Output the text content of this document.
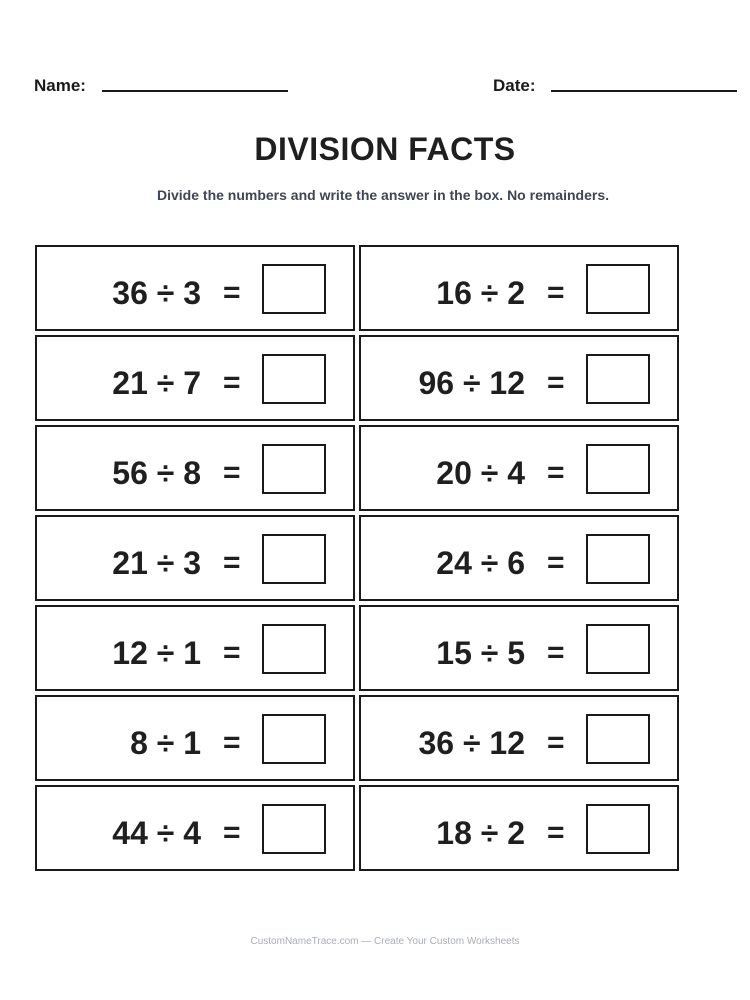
Name:	Date:
DIVISION FACTS
Divide the numbers and write the answer in the box. No remainders.
36 ÷ 3 =	16 ÷ 2 =
21 ÷ 7 =	96 ÷ 12 =
56 ÷ 8 =	20 ÷ 4 =
21 ÷ 3 =	24 ÷ 6 =
12 ÷ 1 =	15 ÷ 5 =
8 ÷ 1 =	36 ÷ 12 =
44 ÷ 4 =	18 ÷ 2 =
CustomNameTrace.com — Create Your Custom Worksheets
